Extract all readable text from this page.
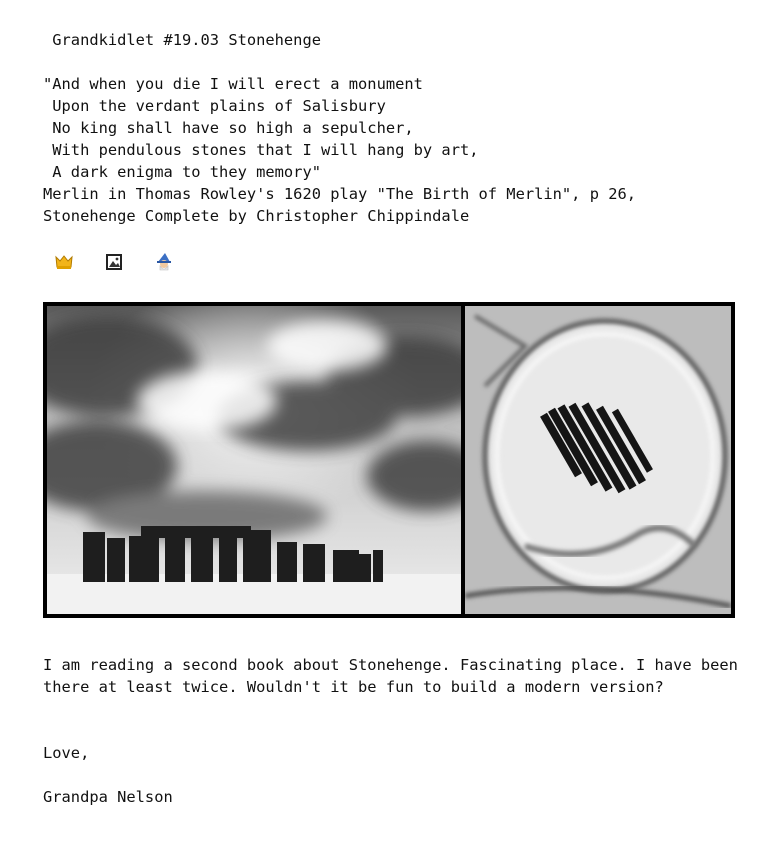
Grandkidlet #19.03 Stonehenge
"And when you die I will erect a monument
Upon the verdant plains of Salisbury
No king shall have so high a sepulcher,
With pendulous stones that I will hang by art,
A dark enigma to they memory"
Merlin in Thomas Rowley's 1620 play "The Birth of Merlin", p 26,
Stonehenge Complete by Christopher Chippindale
I am reading a second book about Stonehenge. Fascinating place. I have been there at least twice. Wouldn't it be fun to build a modern version?
Love,
Grandpa Nelson
